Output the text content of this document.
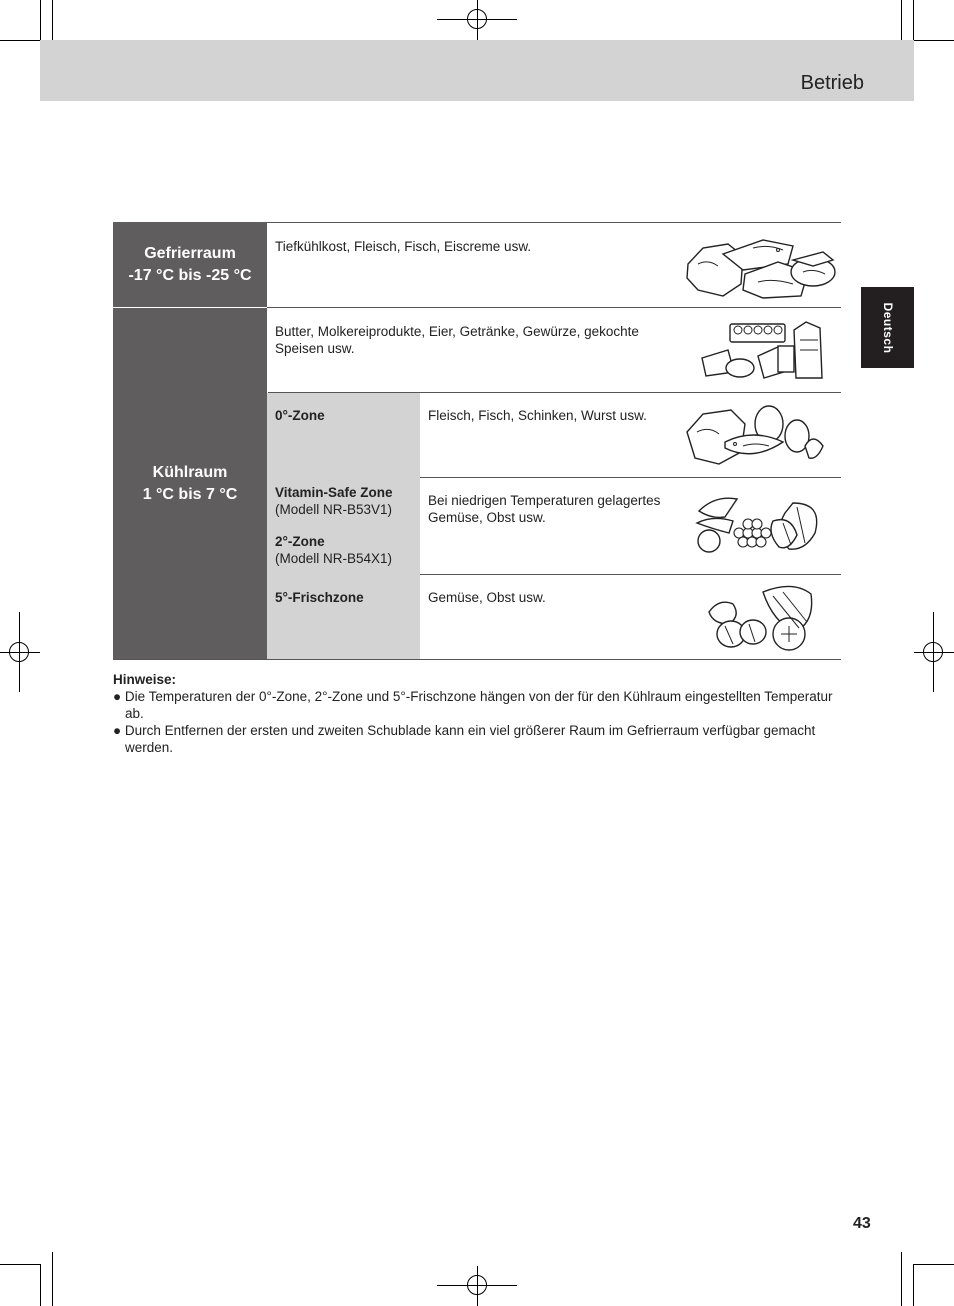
Betrieb
Deutsch
Gefrierraum
-17 °C bis -25 °C
Kühlraum
1 °C bis 7 °C
0°-Zone
Vitamin-Safe Zone
(Modell NR-B53V1)
2°-Zone
(Modell NR-B54X1)
5°-Frischzone
Tiefkühlkost, Fleisch, Fisch, Eiscreme usw.
Butter, Molkereiprodukte, Eier, Getränke, Gewürze, gekochte Speisen usw.
Fleisch, Fisch, Schinken, Wurst usw.
Bei niedrigen Temperaturen gelagertes Gemüse, Obst usw.
Gemüse, Obst usw.
Hinweise:
● Die Temperaturen der 0°-Zone, 2°-Zone und 5°-Frischzone hängen von der für den Kühlraum eingestellten Temperatur ab.
● Durch Entfernen der ersten und zweiten Schublade kann ein viel größerer Raum im Gefrierraum verfügbar gemacht werden.
43
